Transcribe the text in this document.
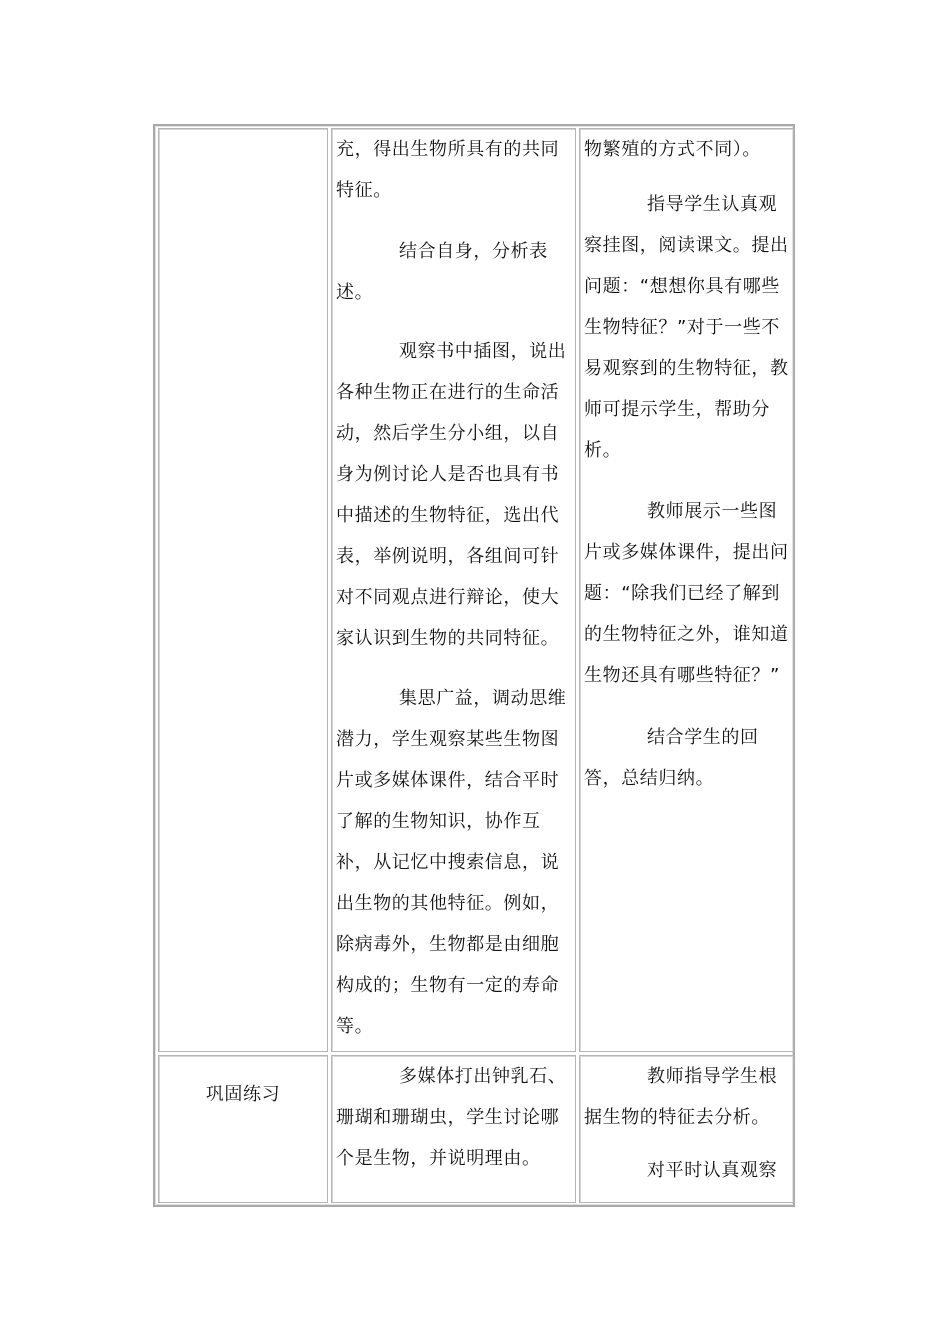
充，得出生物所具有的共同特征。
结合自身，分析表述。
观察书中插图，说出各种生物正在进行的生命活动，然后学生分小组，以自身为例讨论人是否也具有书中描述的生物特征，选出代表，举例说明，各组间可针对不同观点进行辩论，使大家认识到生物的共同特征。
集思广益，调动思维潜力，学生观察某些生物图片或多媒体课件，结合平时了解的生物知识，协作互补，从记忆中搜索信息，说出生物的其他特征。例如，除病毒外，生物都是由细胞构成的；生物有一定的寿命等。
物繁殖的方式不同）。
指导学生认真观察挂图，阅读课文。提出问题：“想想你具有哪些生物特征？”对于一些不易观察到的生物特征，教师可提示学生，帮助分析。
教师展示一些图片或多媒体课件，提出问题：“除我们已经了解到的生物特征之外，谁知道生物还具有哪些特征？”
结合学生的回答，总结归纳。
巩固练习
多媒体打出钟乳石、珊瑚和珊瑚虫，学生讨论哪个是生物，并说明理由。
教师指导学生根据生物的特征去分析。
对平时认真观察
